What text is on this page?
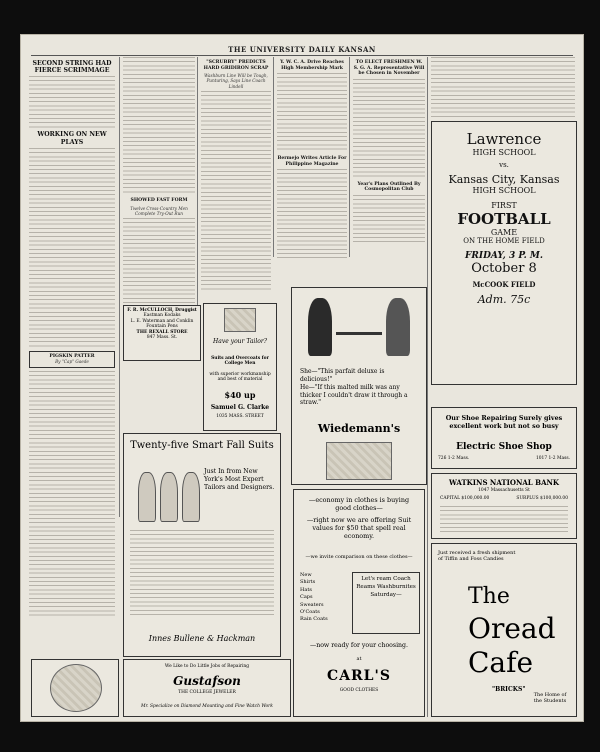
THE UNIVERSITY DAILY KANSAN
SECOND STRING HAD FIERCE SCRIMMAGE
WORKING ON NEW PLAYS
PIGSKIN PATTER
By "Cap" Gaede
SHOWED FAST FORM
Twelve Cross-Country Men Complete Try-Out Run
"SCRUBBY" PREDICTS HARD GRIDIRON SCRAP
Washburn Line Will be Tough, Punturing, Says Line Coach Lindell
Y. W. C. A. Drive Reaches High Membership Mark
Bermejo Writes Article For Philippine Magazine
TO ELECT FRESHMEN W. S. G. A. Representative Will be Chosen in November
Year's Plans Outlined By Cosmopolitan Club
F. R. McCULLOCH, Druggist
Eastman Kodaks
L. E. Waterman and Conklin Fountain Pens
THE REXALL STORE
847 Mass. St.
Have your Tailor?
Suits and Overcoats for College Men
with superior workmanship and best of material
$40 up
Samuel G. Clarke
1035 MASS. STREET
Twenty-five Smart Fall Suits
Just In from New York's Most Expert Tailors and Designers.
Innes Bullene & Hackman
We Like to Do Little Jobs of Repairing
Gustafson
THE COLLEGE JEWELER
Mr. Specialize on Diamond Mounting and Fine Watch Work
She—"This parfait deluxe is delicious!"
He—"If this malted milk was any thicker I couldn't draw it through a straw."
Wiedemann's
—economy in clothes is buying good clothes—
—right now we are offering Suit values for $50 that spell real economy.
—we invite comparison on these clothes—
New
Shirts
Hats
Caps
Sweaters
O'Coats
Rain Coats
Let's ream Coach Reams Washburnites Saturday—
—now ready for your choosing.
at
CARL'S
GOOD CLOTHES
Lawrence
HIGH SCHOOL
vs.
Kansas City, Kansas
HIGH SCHOOL
FIRST
FOOTBALL
GAME
ON THE HOME FIELD
FRIDAY, 3 P. M.
October 8
McCOOK FIELD
Adm. 75c
Our Shoe Repairing Surely gives excellent work but not so busy
Electric Shoe Shop
726 1-2 Mass.	1017 1-2 Mass.
WATKINS NATIONAL BANK
1047 Massachusetts St
CAPITAL $100,000.00	SURPLUS $100,000.00
Just received a fresh shipment of Tiffin and Foss Candies
The
Oread
Cafe
"BRICKS"
The Home of the Students
